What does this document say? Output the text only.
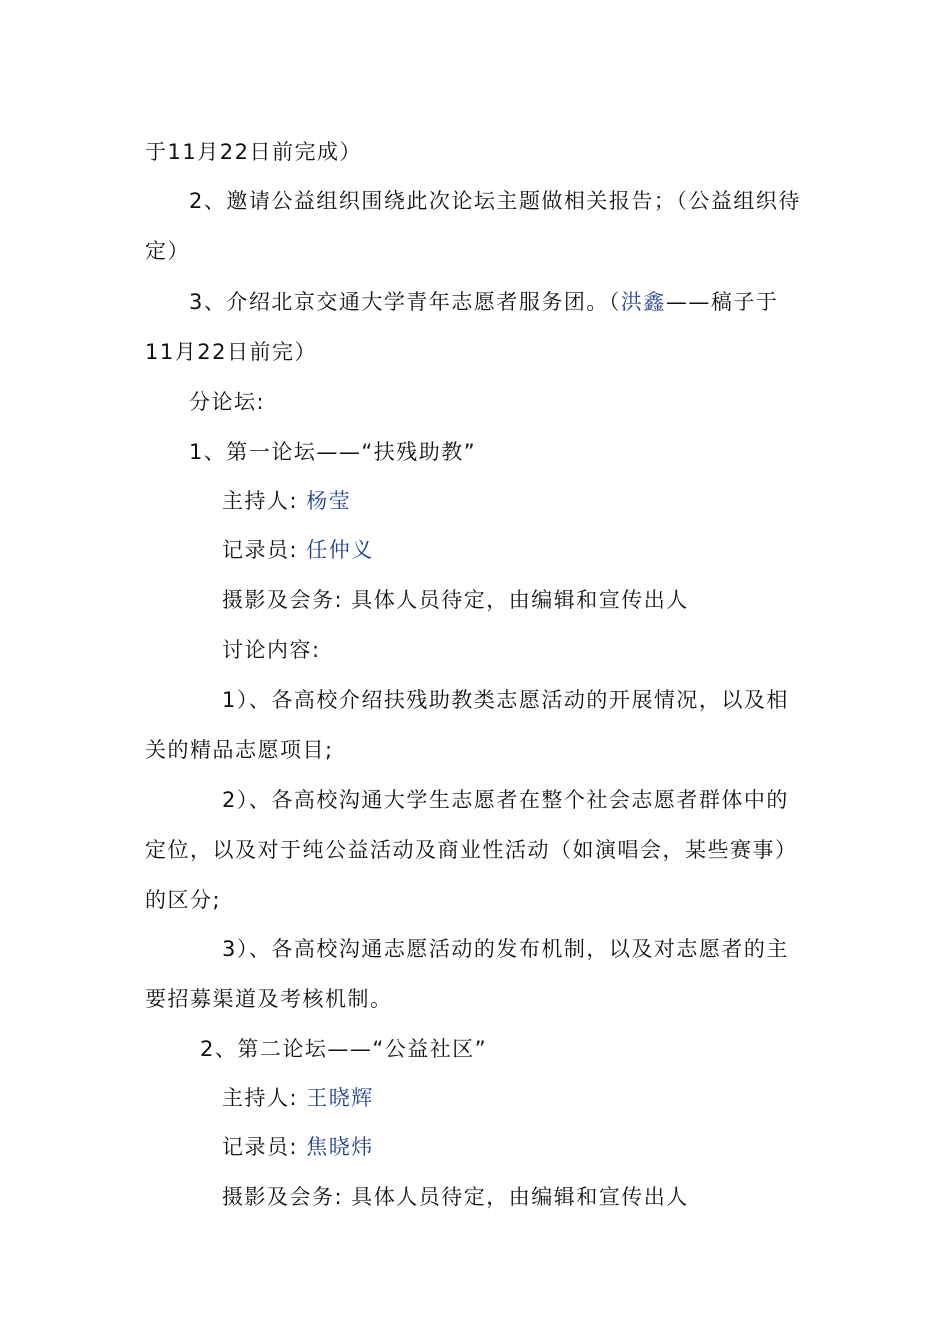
于11月22日前完成）
2、邀请公益组织围绕此次论坛主题做相关报告；（公益组织待
定）
3、介绍北京交通大学青年志愿者服务团。（洪鑫——稿子于
11月22日前完）
分论坛:
1、第一论坛——“扶残助教”
主持人: 杨莹
记录员: 任仲义
摄影及会务: 具体人员待定，由编辑和宣传出人
讨论内容:
1）、各高校介绍扶残助教类志愿活动的开展情况，以及相
关的精品志愿项目;
2）、各高校沟通大学生志愿者在整个社会志愿者群体中的
定位，以及对于纯公益活动及商业性活动（如演唱会，某些赛事）
的区分;
3）、各高校沟通志愿活动的发布机制，以及对志愿者的主
要招募渠道及考核机制。
2、第二论坛——“公益社区”
主持人: 王晓辉
记录员: 焦晓炜
摄影及会务: 具体人员待定，由编辑和宣传出人
